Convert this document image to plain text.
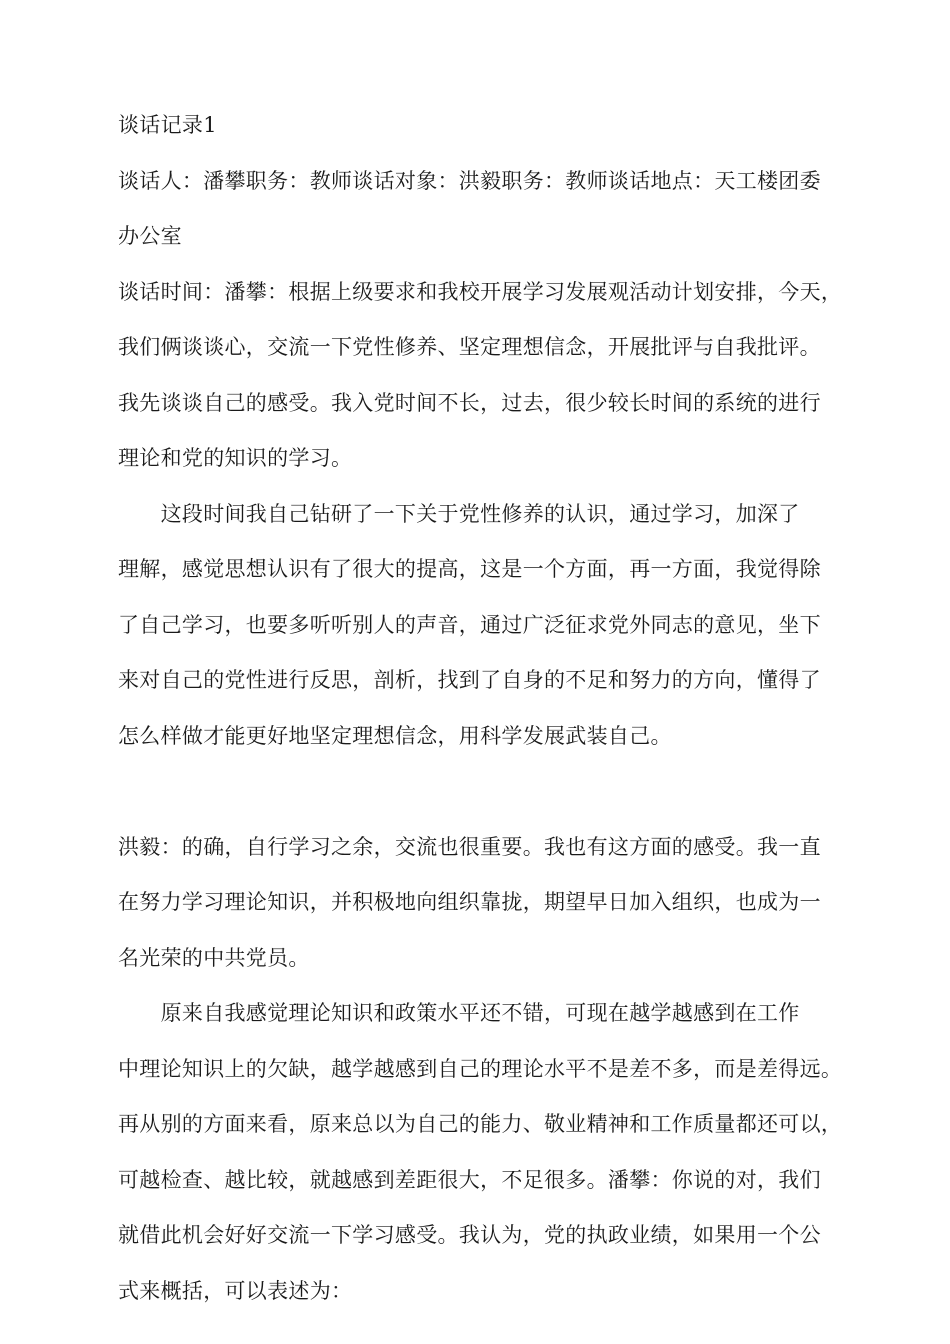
谈话记录1
谈话人：潘攀职务：教师谈话对象：洪毅职务：教师谈话地点：天工楼团委
办公室
谈话时间：潘攀：根据上级要求和我校开展学习发展观活动计划安排，今天，
我们俩谈谈心，交流一下党性修养、坚定理想信念，开展批评与自我批评。
我先谈谈自己的感受。我入党时间不长，过去，很少较长时间的系统的进行
理论和党的知识的学习。
　　这段时间我自己钻研了一下关于党性修养的认识，通过学习，加深了
理解，感觉思想认识有了很大的提高，这是一个方面，再一方面，我觉得除
了自己学习，也要多听听别人的声音，通过广泛征求党外同志的意见，坐下
来对自己的党性进行反思，剖析，找到了自身的不足和努力的方向，懂得了
怎么样做才能更好地坚定理想信念，用科学发展武装自己。
洪毅：的确，自行学习之余，交流也很重要。我也有这方面的感受。我一直
在努力学习理论知识，并积极地向组织靠拢，期望早日加入组织，也成为一
名光荣的中共党员。
　　原来自我感觉理论知识和政策水平还不错，可现在越学越感到在工作
中理论知识上的欠缺，越学越感到自己的理论水平不是差不多，而是差得远。
再从别的方面来看，原来总以为自己的能力、敬业精神和工作质量都还可以，
可越检查、越比较，就越感到差距很大，不足很多。潘攀：你说的对，我们
就借此机会好好交流一下学习感受。我认为，党的执政业绩，如果用一个公
式来概括，可以表述为：
